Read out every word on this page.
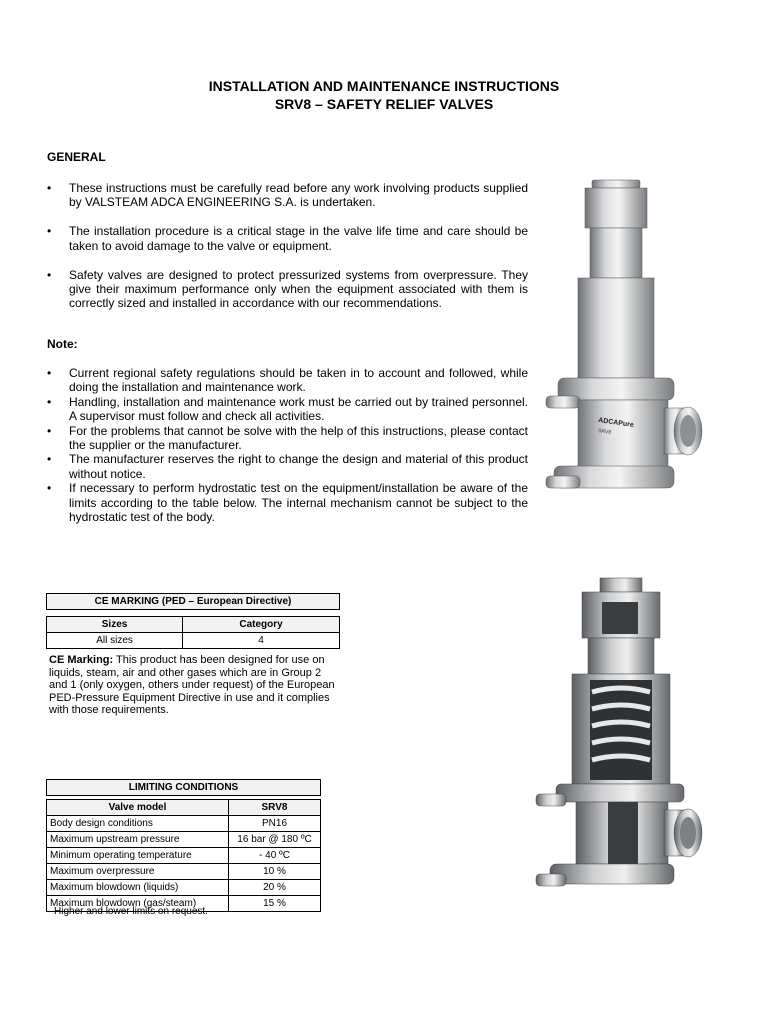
INSTALLATION AND MAINTENANCE INSTRUCTIONS
SRV8 – SAFETY RELIEF VALVES
GENERAL
• These instructions must be carefully read before any work involving products supplied by VALSTEAM ADCA ENGINEERING S.A. is undertaken.
• The installation procedure is a critical stage in the valve life time and care should be taken to avoid damage to the valve or equipment.
• Safety valves are designed to protect pressurized systems from overpressure. They give their maximum performance only when the equipment associated with them is correctly sized and installed in accordance with our recommendations.
Note:
• Current regional safety regulations should be taken in to account and followed, while doing the installation and maintenance work.
• Handling, installation and maintenance work must be carried out by trained personnel. A supervisor must follow and check all activities.
• For the problems that cannot be solve with the help of this instructions, please contact the supplier or the manufacturer.
• The manufacturer reserves the right to change the design and material of this product without notice.
• If necessary to perform hydrostatic test on the equipment/installation be aware of the limits according to the table below. The internal mechanism cannot be subject to the hydrostatic test of the body.
CE MARKING (PED – European Directive)
Sizes	Category
All sizes	4
CE Marking: This product has been designed for use on liquids, steam, air and other gases which are in Group 2 and 1 (only oxygen, others under request) of the European PED-Pressure Equipment Directive in use and it complies with those requirements.
LIMITING CONDITIONS
Valve model	SRV8
Body design conditions	PN16
Maximum upstream pressure	16 bar @ 180 ºC
Minimum operating temperature	- 40 ºC
Maximum overpressure	10 %
Maximum blowdown (liquids)	20 %
Maximum blowdown (gas/steam)	15 %
Higher and lower limits on request.
ADCAPure
SRV8
